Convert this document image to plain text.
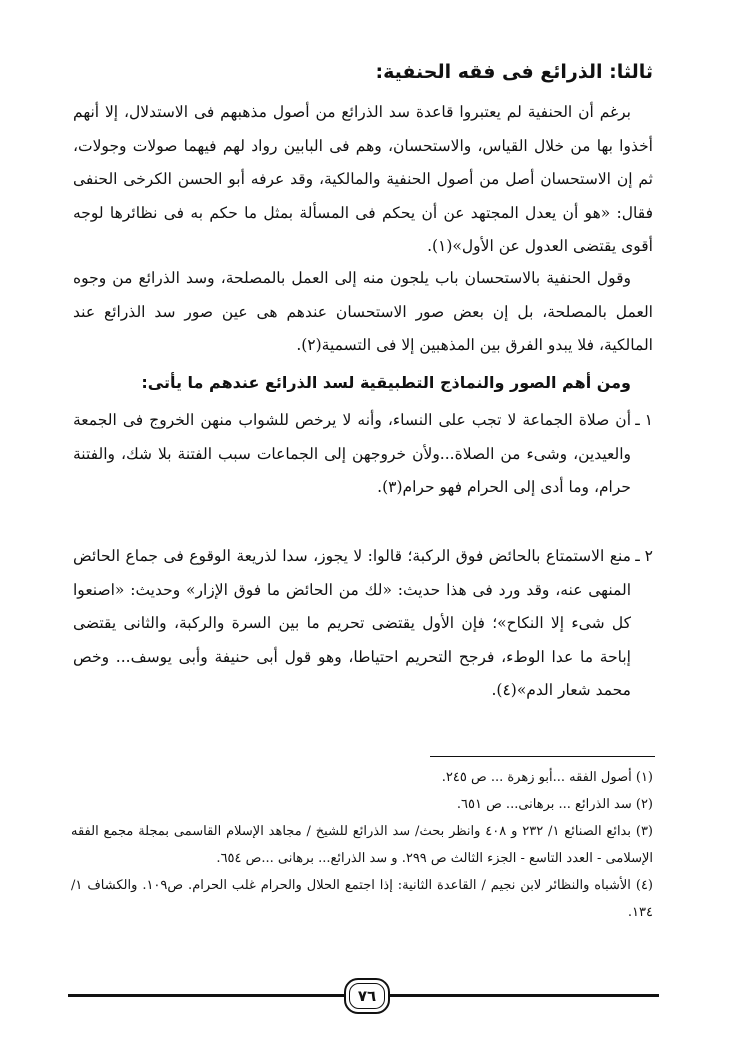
ثالثا: الذرائع فى فقه الحنفية:
برغم أن الحنفية لم يعتبروا قاعدة سد الذرائع من أصول مذهبهم فى الاستدلال، إلا أنهم أخذوا بها من خلال القياس، والاستحسان، وهم فى البابين رواد لهم فيهما صولات وجولات، ثم إن الاستحسان أصل من أصول الحنفية والمالكية، وقد عرفه أبو الحسن الكرخى الحنفى فقال: «هو أن يعدل المجتهد عن أن يحكم فى المسألة بمثل ما حكم به فى نظائرها لوجه أقوى يقتضى العدول عن الأول»(١).
وقول الحنفية بالاستحسان باب يلجون منه إلى العمل بالمصلحة، وسد الذرائع من وجوه العمل بالمصلحة، بل إن بعض صور الاستحسان عندهم هى عين صور سد الذرائع عند المالكية، فلا يبدو الفرق بين المذهبين إلا فى التسمية(٢).
ومن أهم الصور والنماذج التطبيقية لسد الذرائع عندهم ما يأتى:
١ ـ
أن صلاة الجماعة لا تجب على النساء، وأنه لا يرخص للشواب منهن الخروج فى الجمعة والعيدين، وشىء من الصلاة...ولأن خروجهن إلى الجماعات سبب الفتنة بلا شك، والفتنة حرام، وما أدى إلى الحرام فهو حرام(٣).
٢ ـ
منع الاستمتاع بالحائض فوق الركبة؛ قالوا: لا يجوز، سدا لذريعة الوقوع فى جماع الحائض المنهى عنه، وقد ورد فى هذا حديث: «لك من الحائض ما فوق الإزار» وحديث: «اصنعوا كل شىء إلا النكاح»؛ فإن الأول يقتضى تحريم ما بين السرة والركبة، والثانى يقتضى إباحة ما عدا الوطء، فرجح التحريم احتياطا، وهو قول أبى حنيفة وأبى يوسف... وخص محمد شعار الدم»(٤).
(١) أصول الفقه ...أبو زهرة ... ص ٢٤٥.
(٢) سد الذرائع ... برهانى... ص ٦٥١.
(٣) بدائع الصنائع ١/ ٢٣٢ و ٤٠٨ وانظر بحث/ سد الذرائع للشيخ / مجاهد الإسلام القاسمى بمجلة مجمع الفقه الإسلامى - العدد التاسع - الجزء الثالث ص ٢٩٩. و سد الذرائع... برهانى ...ص ٦٥٤.
(٤) الأشباه والنظائر لابن نجيم / القاعدة الثانية: إذا اجتمع الحلال والحرام غلب الحرام. ص١٠٩. والكشاف ١/ ١٣٤.
٧٦
